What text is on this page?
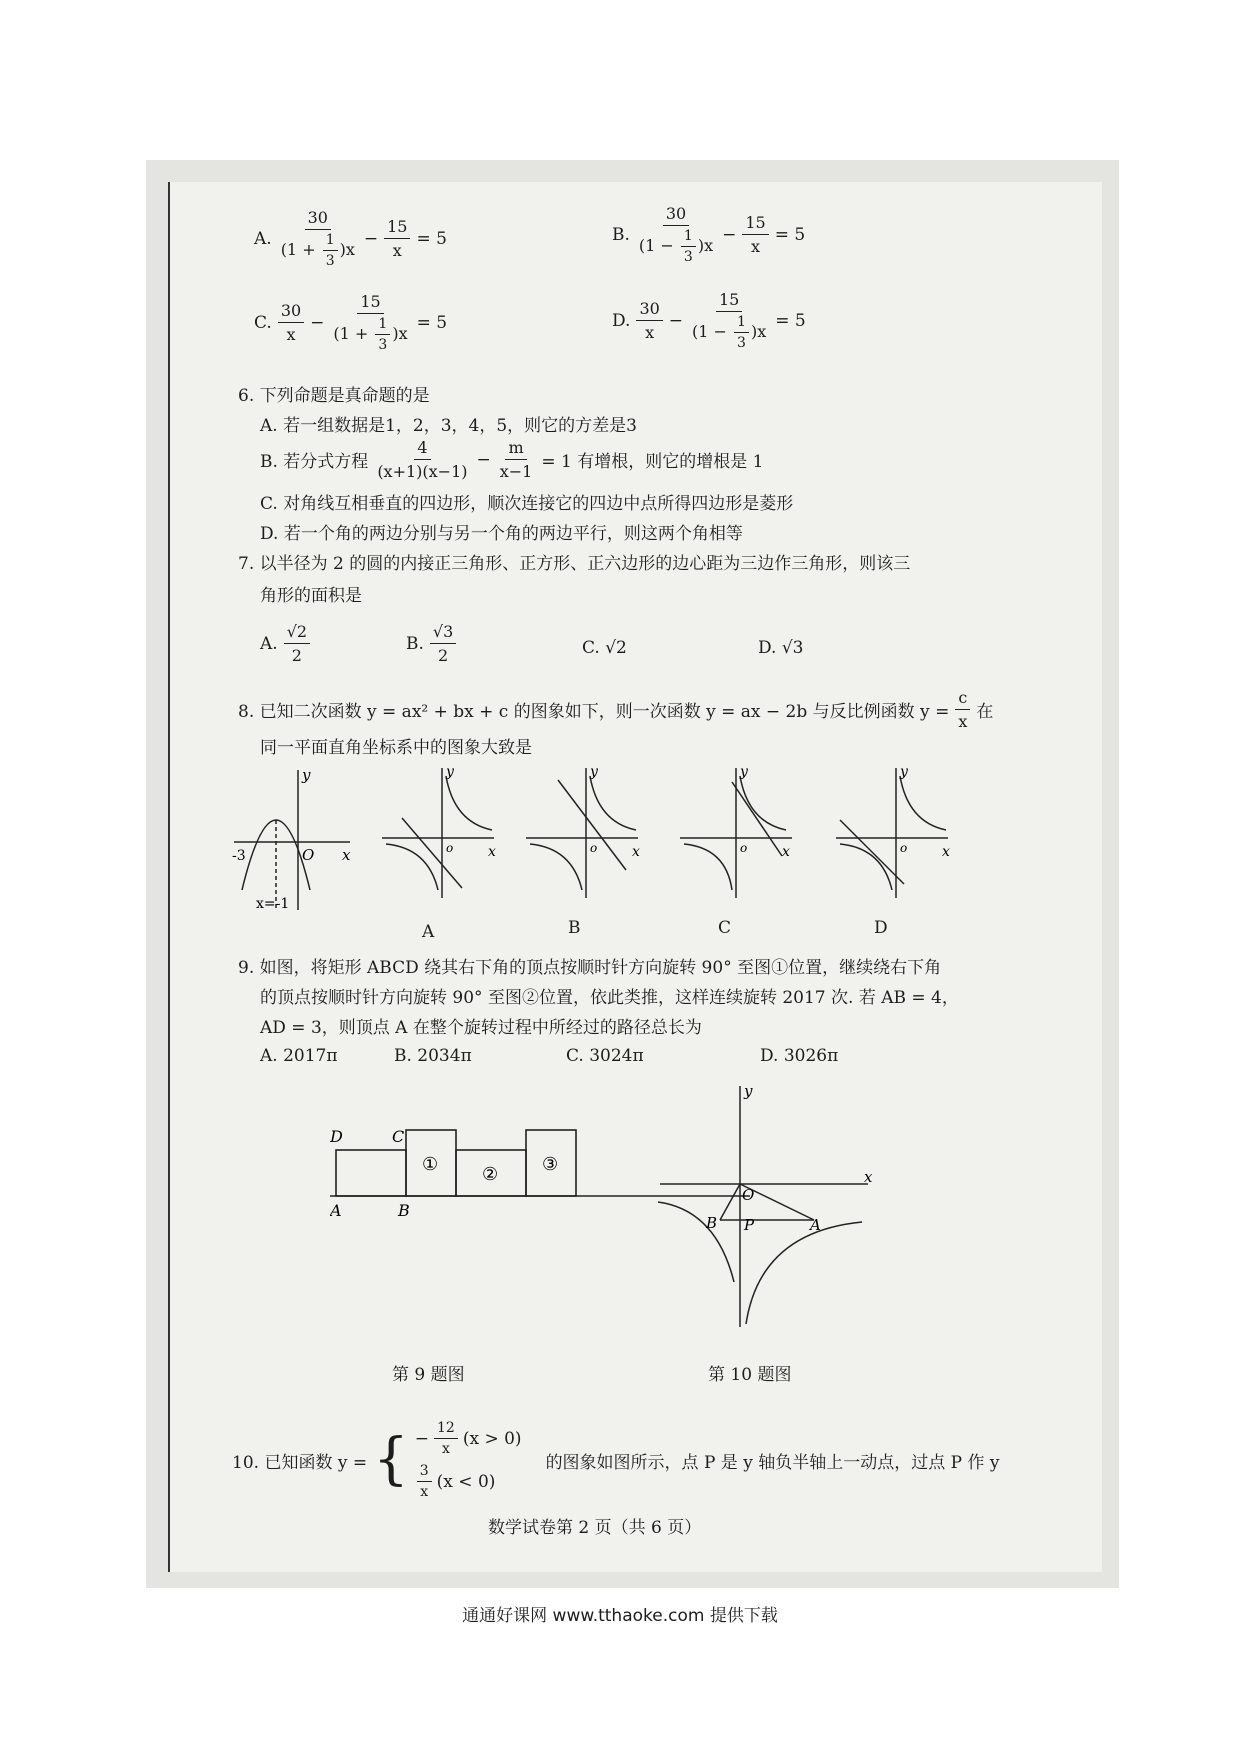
A. $\frac{30}{(1 + \frac{1}{3} )x} - \frac{15}{x} = 5$	B. $\frac{30}{(1 - \frac{1}{3} )x} - \frac{15}{x} = 5$
C. $\frac{30}{x} - \frac{15}{(1 + \frac{1}{3} )x} = 5$	D. $\frac{30}{x} - \frac{15}{(1 - \frac{1}{3} )x} = 5$
6. 下列命题是真命题的是
A. 若一组数据是1，2，3，4，5，则它的方差是3
B. 若分式方程 $\frac{4}{(x+1)(x-1)} - \frac{m}{x-1} = 1$ 有增根，则它的增根是 1
C. 对角线互相垂直的四边形，顺次连接它的四边中点所得四边形是菱形
D. 若一个角的两边分别与另一个角的两边平行，则这两个角相等
7. 以半径为 2 的圆的内接正三角形、正方形、正六边形的边心距为三边作三角形，则该三
角形的面积是
A. $\frac{√2}{2}$	B. $\frac{√3}{2}$	C. √2	D. √3
8. 已知二次函数 y = ax² + bx + c 的图象如下，则一次函数 y = ax − 2b 与反比例函数 $y = \frac{c}{x}$ 在
同一平面直角坐标系中的图象大致是
y
x
O
-3
x=-1
y
x
o
y
x
o
y
x
o
y
x
o
A	B	C	D
9. 如图，将矩形 ABCD 绕其右下角的顶点按顺时针方向旋转 90° 至图①位置，继续绕右下角
的顶点按顺时针方向旋转 90° 至图②位置，依此类推，这样连续旋转 2017 次. 若 AB = 4，
AD = 3，则顶点 A 在整个旋转过程中所经过的路径总长为
A. 2017π	B. 2034π	C. 3024π	D. 3026π
D	C
A	B
① ② ③
第 9 题图
y
x
O
B P	A
第 10 题图
10. 已知函数 y = { − $\frac{12}{x} (x > 0)$
$\frac{3}{x} (x < 0)$
的图象如图所示，点 P 是 y 轴负半轴上一动点，过点 P 作 y
数学试卷第 2 页（共 6 页）
通通好课网 www.tthaoke.com 提供下载
